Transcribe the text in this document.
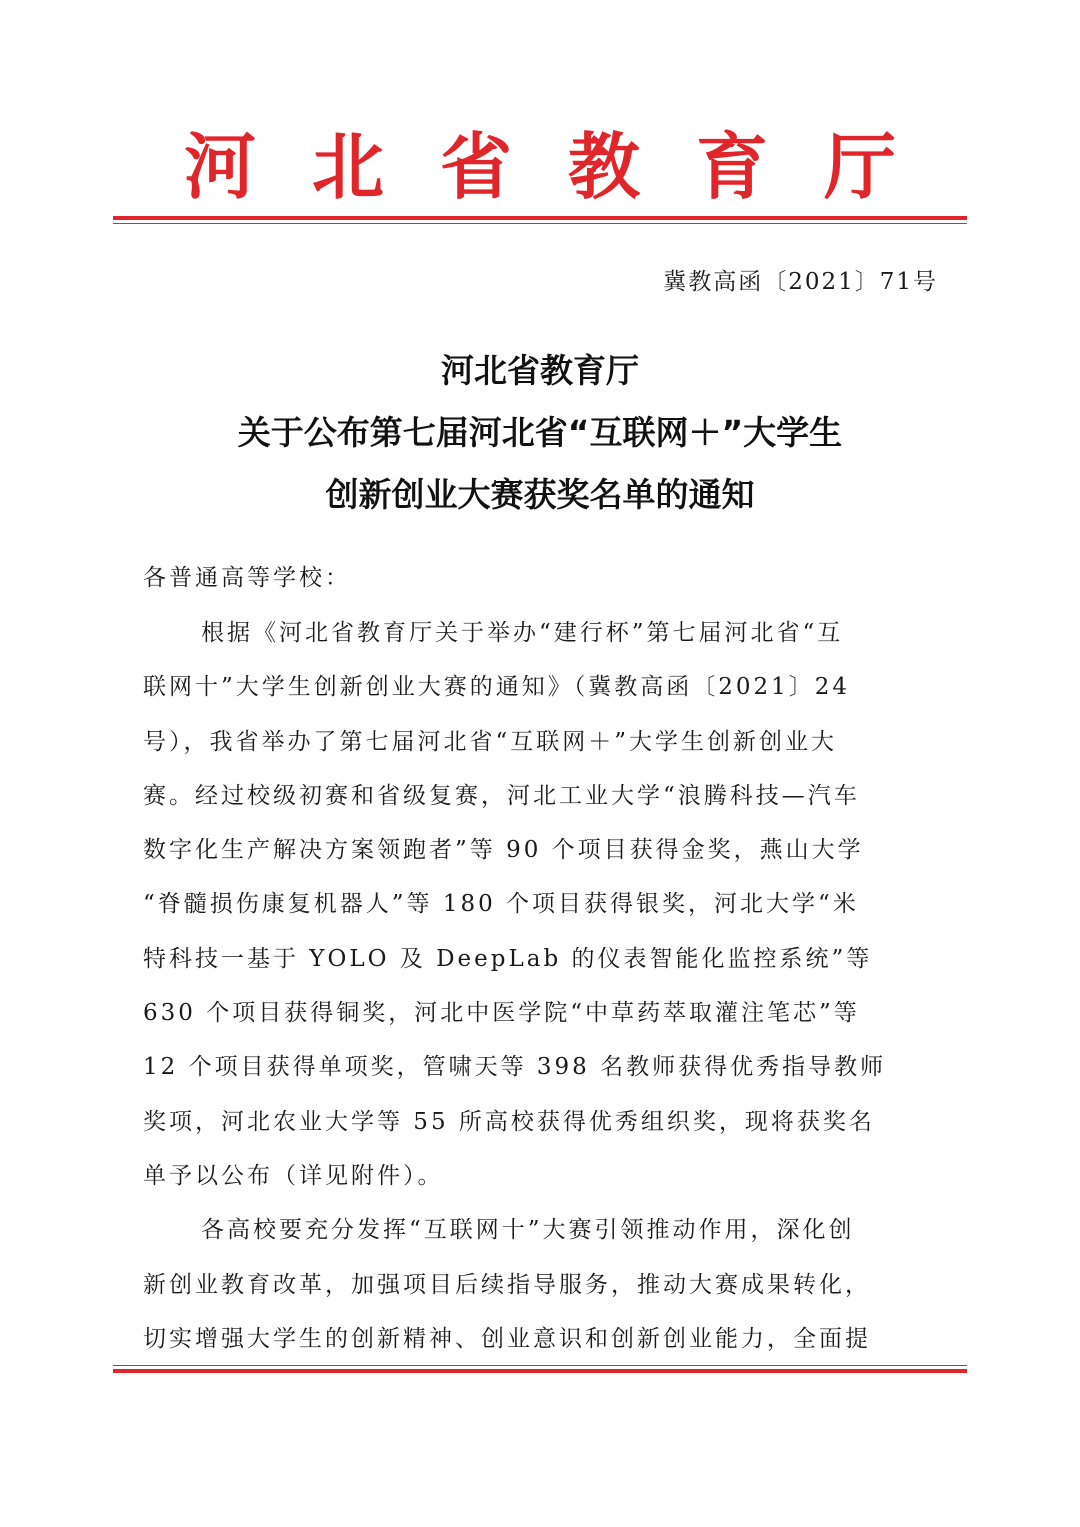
河北省教育厅
冀教高函〔2021〕71号
河北省教育厅
关于公布第七届河北省“互联网＋”大学生
创新创业大赛获奖名单的通知
各普通高等学校：
根据《河北省教育厅关于举办“建行杯”第七届河北省“互
联网十”大学生创新创业大赛的通知》（冀教高函〔2021〕24
号），我省举办了第七届河北省“互联网＋”大学生创新创业大
赛。经过校级初赛和省级复赛，河北工业大学“浪腾科技—汽车
数字化生产解决方案领跑者”等 90 个项目获得金奖，燕山大学
“脊髓损伤康复机器人”等 180 个项目获得银奖，河北大学“米
特科技一基于 YOLO 及 DeepLab 的仪表智能化监控系统”等
630 个项目获得铜奖，河北中医学院“中草药萃取灌注笔芯”等
12 个项目获得单项奖，管啸天等 398 名教师获得优秀指导教师
奖项，河北农业大学等 55 所高校获得优秀组织奖，现将获奖名
单予以公布（详见附件）。
各高校要充分发挥“互联网十”大赛引领推动作用，深化创
新创业教育改革，加强项目后续指导服务，推动大赛成果转化，
切实增强大学生的创新精神、创业意识和创新创业能力，全面提
